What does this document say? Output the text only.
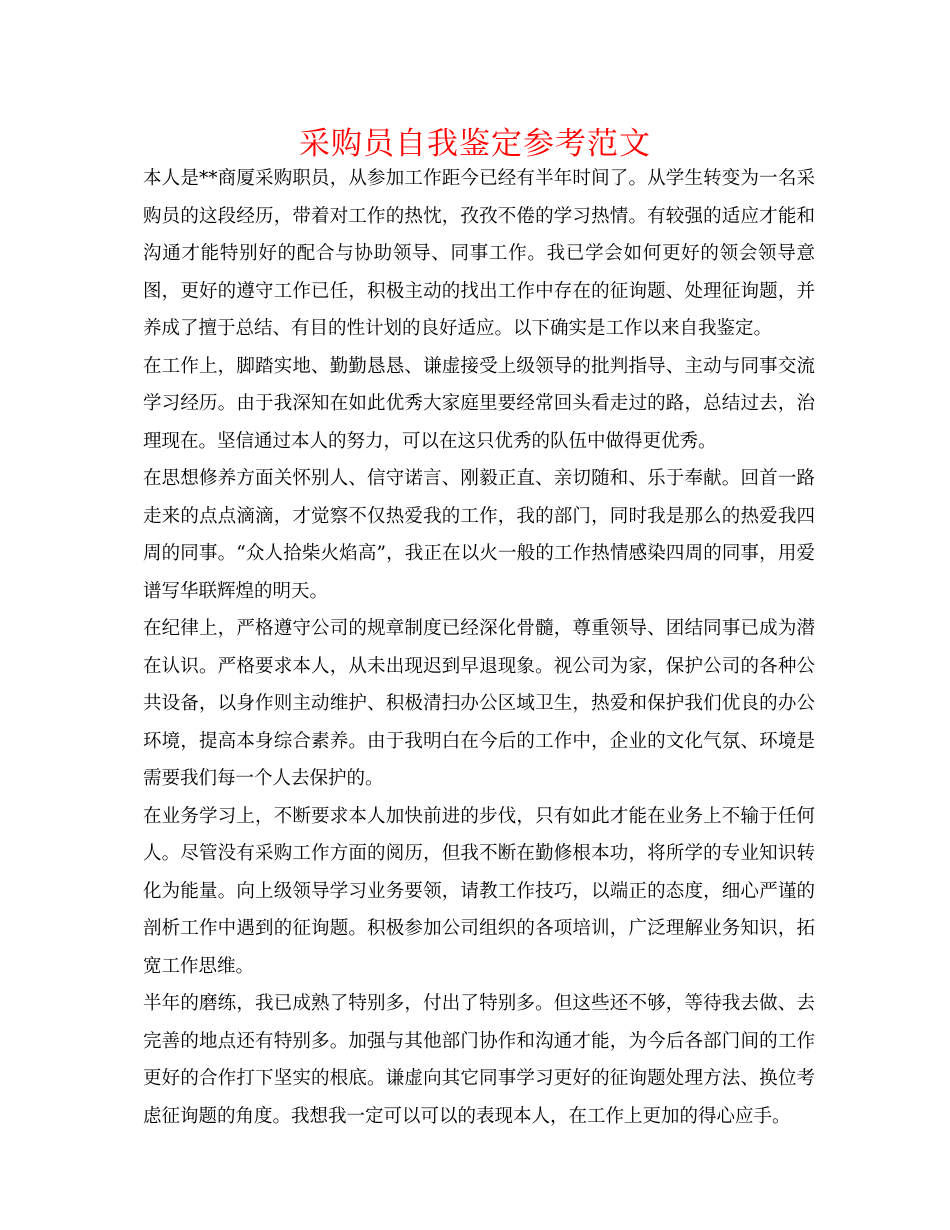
采购员自我鉴定参考范文

本人是**商厦采购职员，从参加工作距今已经有半年时间了。从学生转变为一名采购员的这段经历，带着对工作的热忱，孜孜不倦的学习热情。有较强的适应才能和沟通才能特别好的配合与协助领导、同事工作。我已学会如何更好的领会领导意图，更好的遵守工作已任，积极主动的找出工作中存在的征询题、处理征询题，并养成了擅于总结、有目的性计划的良好适应。以下确实是工作以来自我鉴定。

在工作上，脚踏实地、勤勤恳恳、谦虚接受上级领导的批判指导、主动与同事交流学习经历。由于我深知在如此优秀大家庭里要经常回头看走过的路，总结过去，治理现在。坚信通过本人的努力，可以在这只优秀的队伍中做得更优秀。

在思想修养方面关怀别人、信守诺言、刚毅正直、亲切随和、乐于奉献。回首一路走来的点点滴滴，才觉察不仅热爱我的工作，我的部门，同时我是那么的热爱我四周的同事。“众人拾柴火焰高”，我正在以火一般的工作热情感染四周的同事，用爱谱写华联辉煌的明天。

在纪律上，严格遵守公司的规章制度已经深化骨髓，尊重领导、团结同事已成为潜在认识。严格要求本人，从未出现迟到早退现象。视公司为家，保护公司的各种公共设备，以身作则主动维护、积极清扫办公区域卫生，热爱和保护我们优良的办公环境，提高本身综合素养。由于我明白在今后的工作中，企业的文化气氛、环境是需要我们每一个人去保护的。

在业务学习上，不断要求本人加快前进的步伐，只有如此才能在业务上不输于任何人。尽管没有采购工作方面的阅历，但我不断在勤修根本功，将所学的专业知识转化为能量。向上级领导学习业务要领，请教工作技巧，以端正的态度，细心严谨的剖析工作中遇到的征询题。积极参加公司组织的各项培训，广泛理解业务知识，拓宽工作思维。

半年的磨练，我已成熟了特别多，付出了特别多。但这些还不够，等待我去做、去完善的地点还有特别多。加强与其他部门协作和沟通才能，为今后各部门间的工作更好的合作打下坚实的根底。谦虚向其它同事学习更好的征询题处理方法、换位考虑征询题的角度。我想我一定可以可以的表现本人，在工作上更加的得心应手。
